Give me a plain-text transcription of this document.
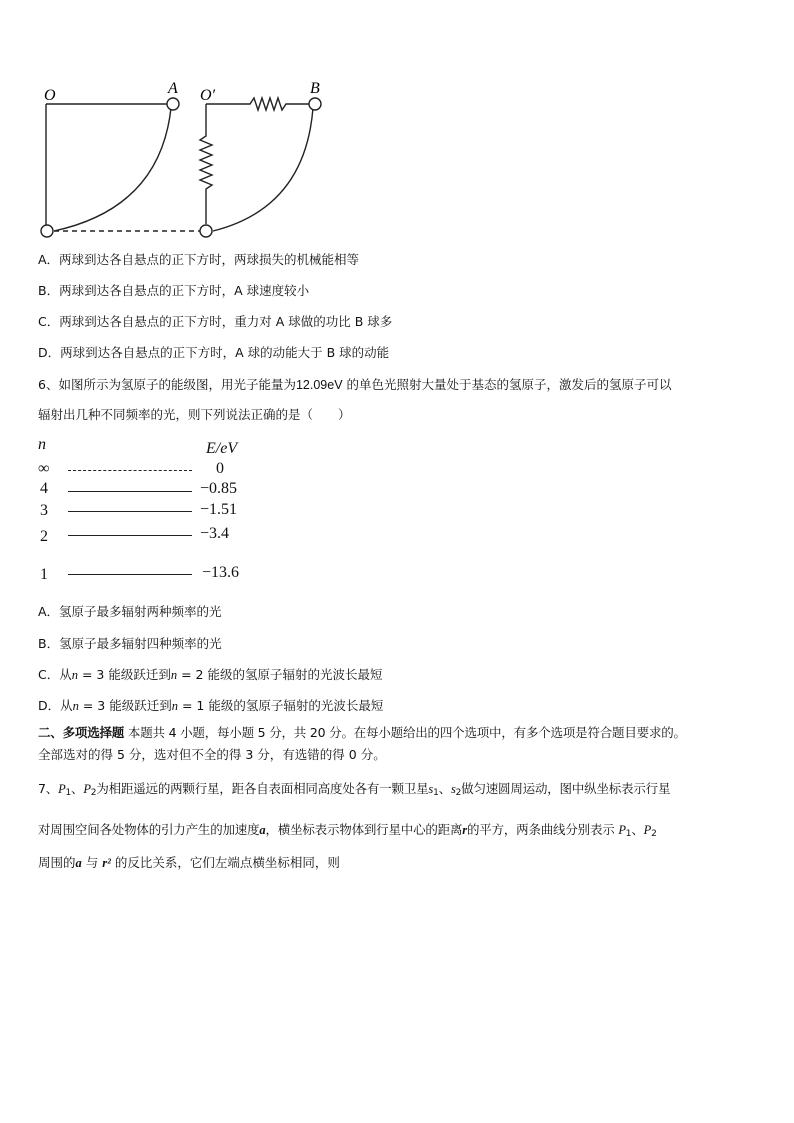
O	A O′	B
A．两球到达各自悬点的正下方时，两球损失的机械能相等
B．两球到达各自悬点的正下方时，A 球速度较小
C．两球到达各自悬点的正下方时，重力对 A 球做的功比 B 球多
D．两球到达各自悬点的正下方时，A 球的动能大于 B 球的动能
6、如图所示为氢原子的能级图，用光子能量为12.09eV 的单色光照射大量处于基态的氢原子，激发后的氢原子可以
辐射出几种不同频率的光，则下列说法正确的是（　　）
n	E/eV
∞	0
4	−0.85
3	−1.51
2	−3.4
1	−13.6
A．氢原子最多辐射两种频率的光
B．氢原子最多辐射四种频率的光
C．从n = 3 能级跃迁到n = 2 能级的氢原子辐射的光波长最短
D．从n = 3 能级跃迁到n = 1 能级的氢原子辐射的光波长最短
二、多项选择题 本题共 4 小题，每小题 5 分，共 20 分。在每小题给出的四个选项中，有多个选项是符合题目要求的。
全部选对的得 5 分，选对但不全的得 3 分，有选错的得 0 分。
7、$P_1$、$P_2$为相距遥远的两颗行星，距各自表面相同高度处各有一颗卫星$s_1$、$s_2$做匀速圆周运动，图中纵坐标表示行星
对周围空间各处物体的引力产生的加速度a，横坐标表示物体到行星中心的距离r的平方，两条曲线分别表示 $P_1$、$P_2$
周围的a 与 r² 的反比关系，它们左端点横坐标相同，则
